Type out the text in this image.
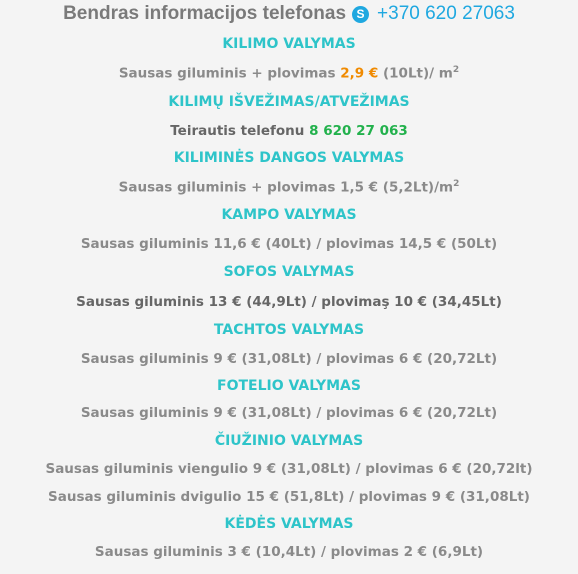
Bendras informacijos telefonas S +370 620 27063
KILIMO VALYMAS
Sausas giluminis + plovimas 2,9 € (10Lt)/ $m^2$
KILIMŲ IŠVEŽIMAS/ATVEŽIMAS
Teirautis telefonu 8 620 27 063
KILIMINĖS DANGOS VALYMAS
Sausas giluminis + plovimas 1,5 € $(5,2Lt)/m^2$
KAMPO VALYMAS
Sausas giluminis 11,6 € (40Lt) / plovimas 14,5 € (50Lt)
SOFOS VALYMAS
Sausas giluminis 13 € (44,9Lt) / plovimaş 10 € (34,45Lt)
TACHTOS VALYMAS
Sausas giluminis 9 € (31,08Lt) / plovimas 6 € (20,72Lt)
FOTELIO VALYMAS
Sausas giluminis 9 € (31,08Lt) / plovimas 6 € (20,72Lt)
ČIUŽINIO VALYMAS
Sausas giluminis viengulio 9 € (31,08Lt) / plovimas 6 € (20,72lt)
Sausas giluminis dvigulio 15 € (51,8Lt) / plovimas 9 € (31,08Lt)
KĖDĖS VALYMAS
Sausas giluminis 3 € (10,4Lt) / plovimas 2 € (6,9Lt)
